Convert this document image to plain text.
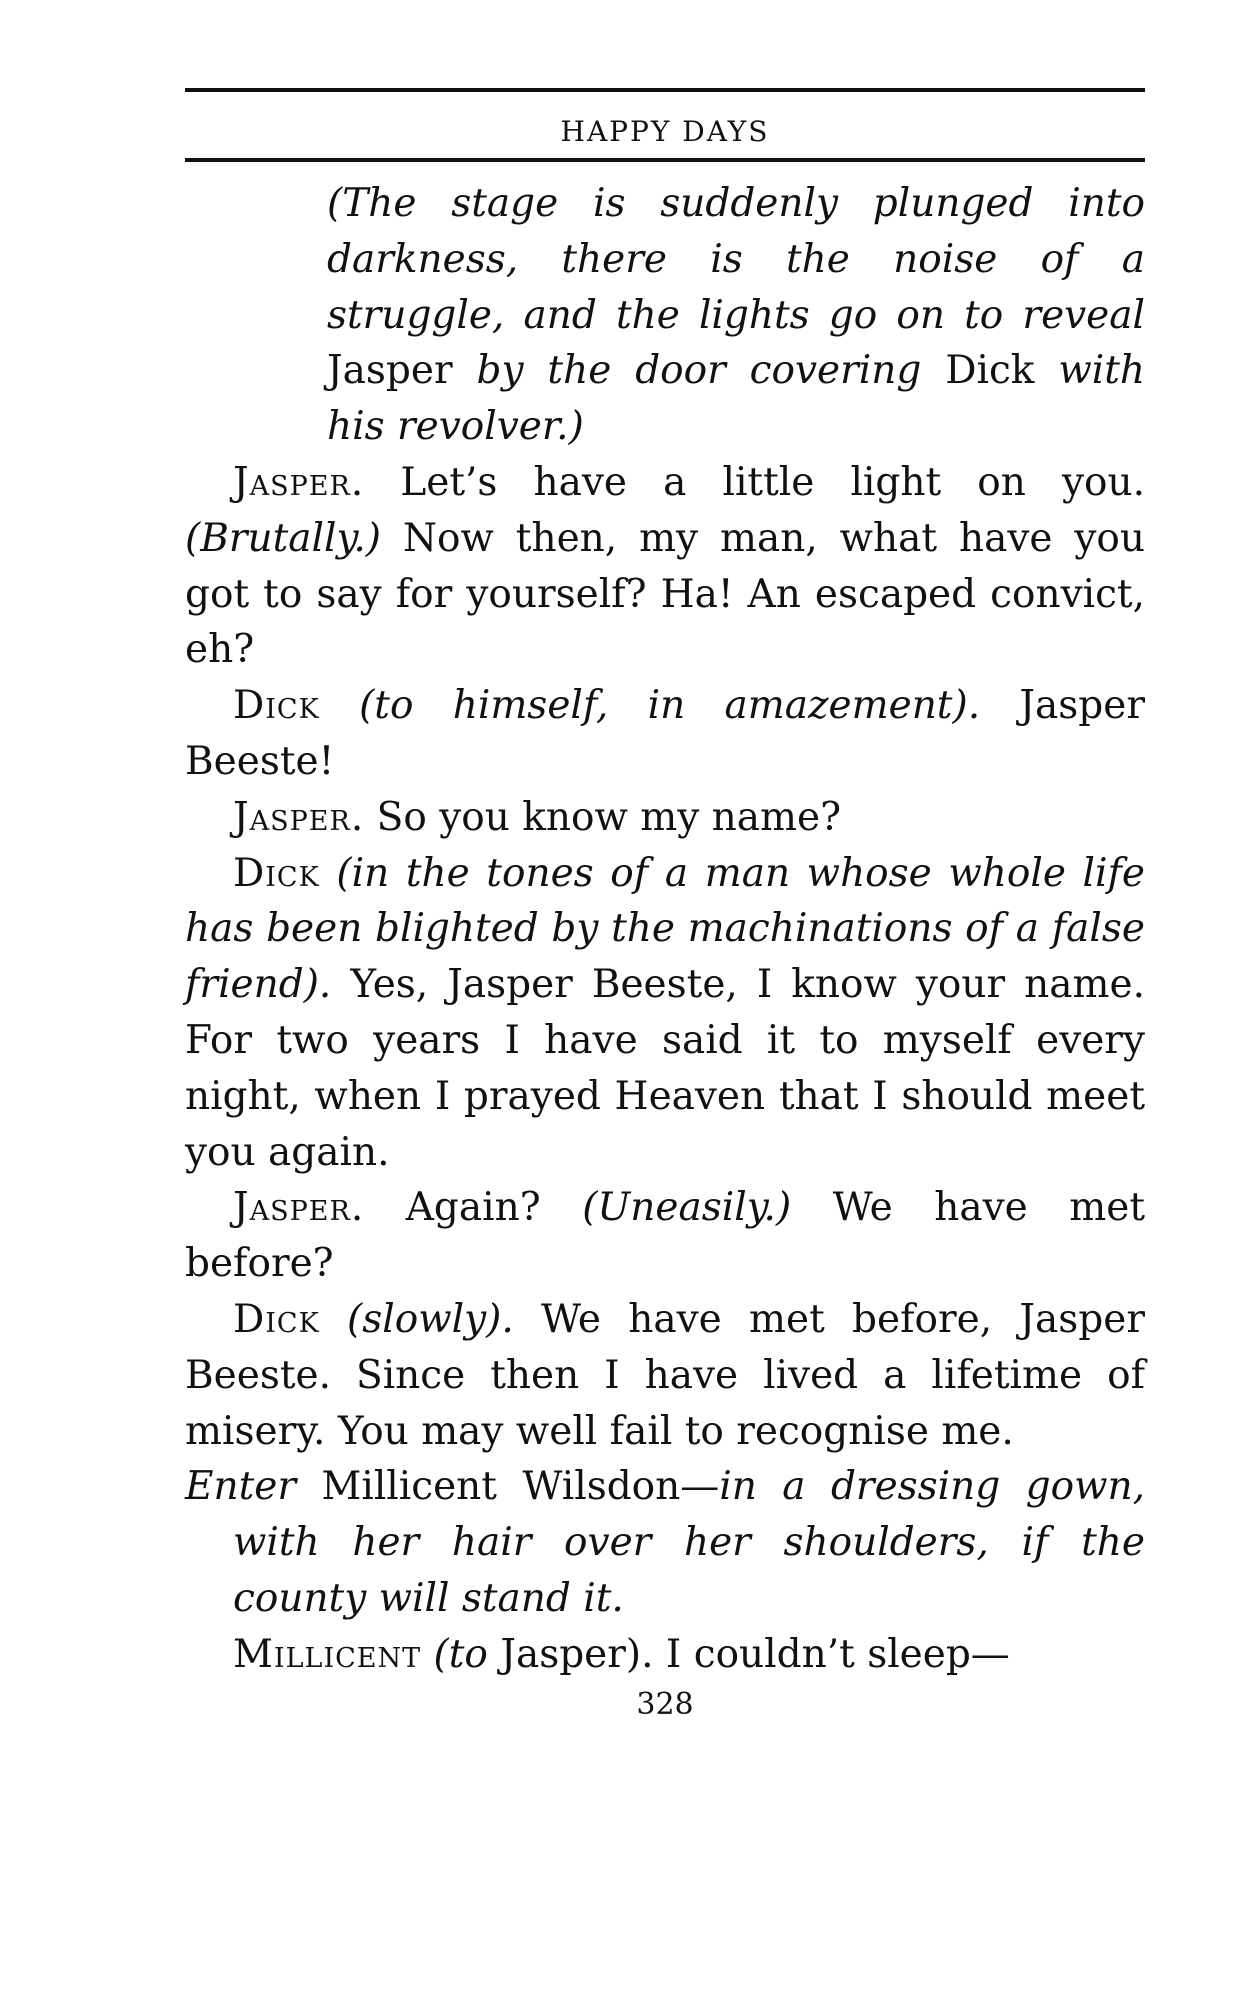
HAPPY DAYS

(The stage is suddenly plunged into darkness, there is the noise of a struggle, and the lights go on to reveal Jasper by the door covering Dick with his revolver.)

Jasper. Let’s have a little light on you. (Brutally.) Now then, my man, what have you got to say for yourself? Ha! An escaped convict, eh?

Dick (to himself, in amazement). Jasper Beeste!

Jasper. So you know my name?

Dick (in the tones of a man whose whole life has been blighted by the machinations of a false friend). Yes, Jasper Beeste, I know your name. For two years I have said it to myself every night, when I prayed Heaven that I should meet you again.

Jasper. Again? (Uneasily.) We have met before?

Dick (slowly). We have met before, Jasper Beeste. Since then I have lived a lifetime of misery. You may well fail to recognise me.

Enter Millicent Wilsdon—in a dressing gown, with her hair over her shoulders, if the county will stand it.

Millicent (to Jasper). I couldn’t sleep—

328
